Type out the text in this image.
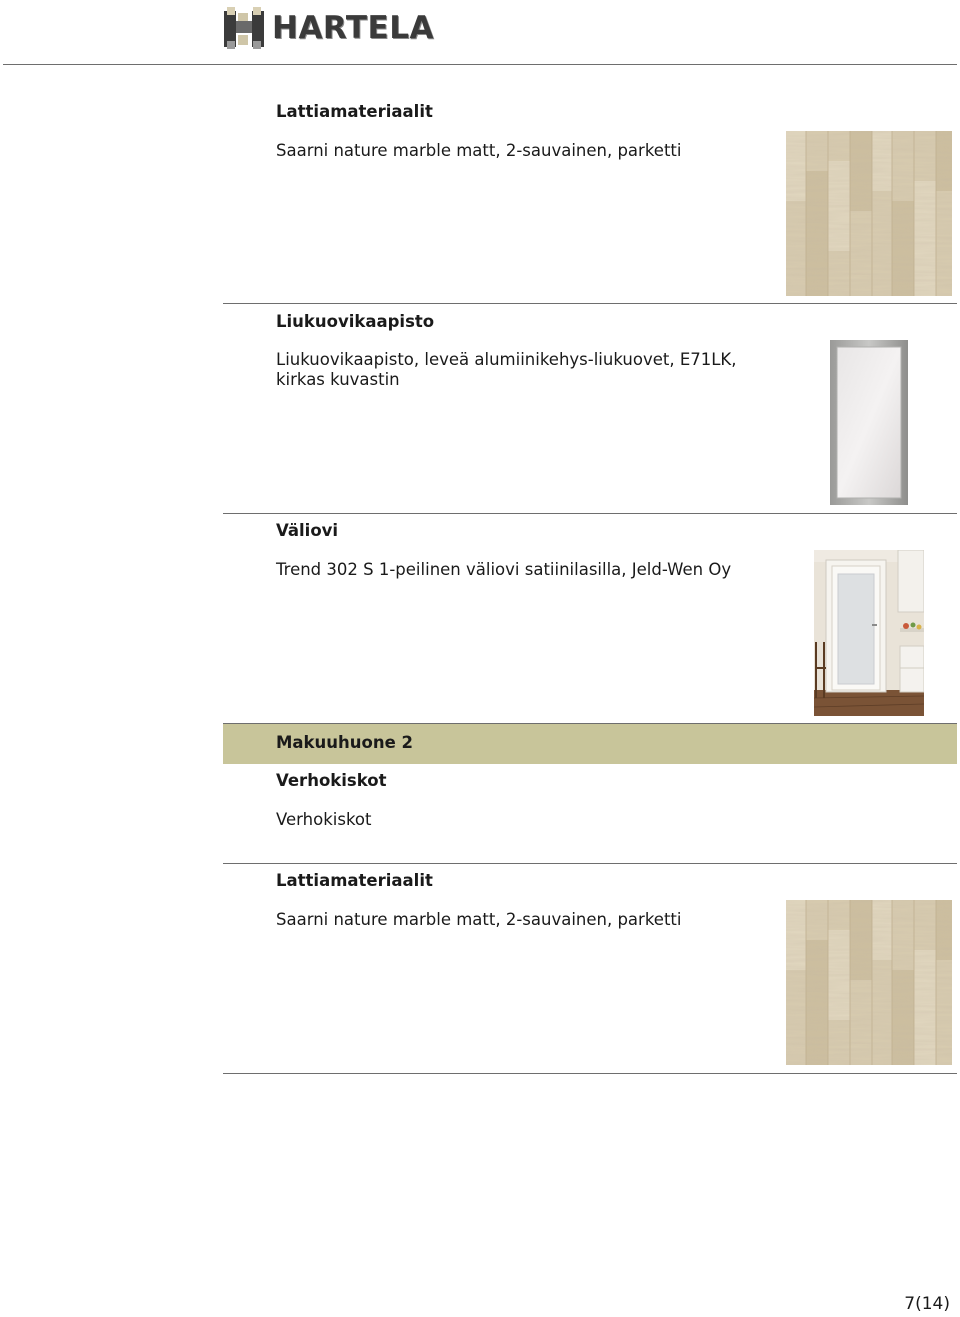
HARTELA
Lattiamateriaalit
Saarni nature marble matt, 2-sauvainen, parketti
Liukuovikaapisto
Liukuovikaapisto, leveä alumiinikehys-liukuovet, E71LK, kirkas kuvastin
Väliovi
Trend 302 S 1-peilinen väliovi satiinilasilla, Jeld-Wen Oy
Makuuhuone 2
Verhokiskot
Verhokiskot
Lattiamateriaalit
Saarni nature marble matt, 2-sauvainen, parketti
7(14)
